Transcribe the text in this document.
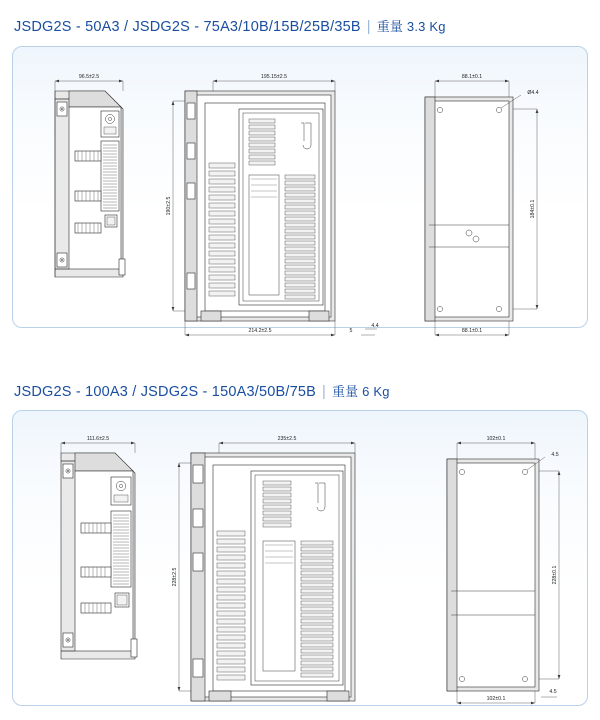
JSDG2S - 50A3 / JSDG2S - 75A3/10B/15B/25B/35B | 重量 3.3 Kg
96.5±2.5	195.15±2.5
190±2.5
214.2±2.5	5
4.4
88.1±0.1
Ø4.4
184±0.1
88.1±0.1
JSDG2S - 100A3 / JSDG2S - 150A3/50B/75B | 重量 6 Kg
111.6±2.5	235±2.5
228±2.5
102±0.1
4.5
228±0.1
102±0.1
4.5
